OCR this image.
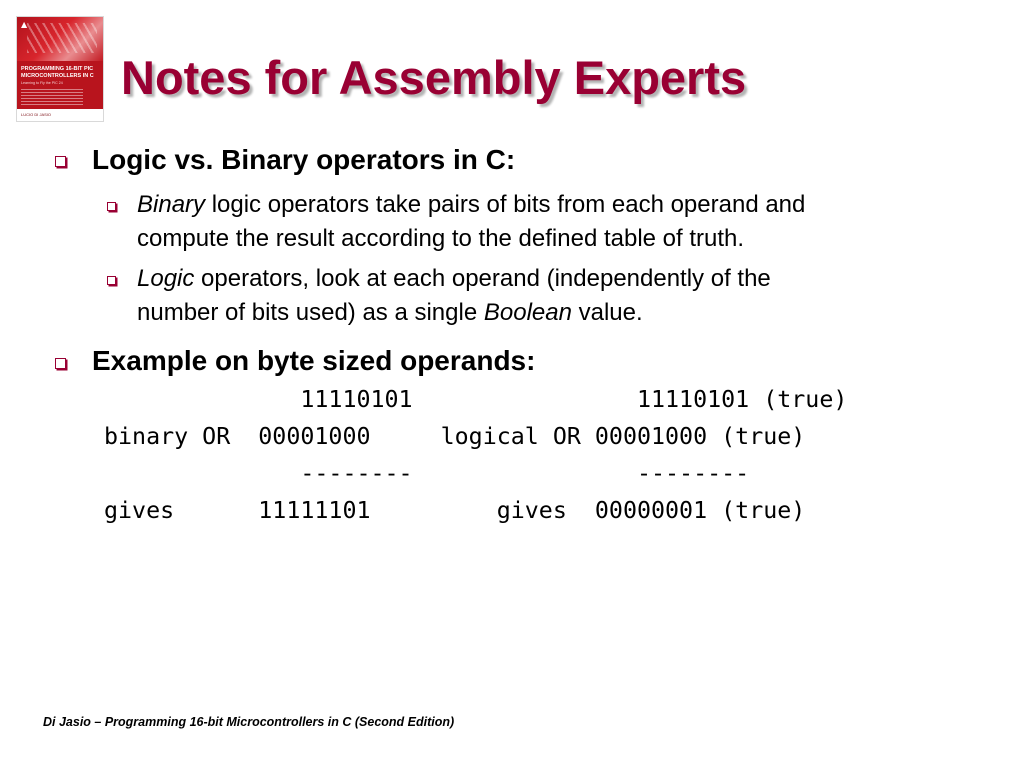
▲
PROGRAMMING 16-BIT PIC
MICROCONTROLLERS IN C
Learning to Fly the PIC 24
LUCIO DI JASIO
Notes for Assembly Experts
Logic vs. Binary operators in C:
Binary logic operators take pairs of bits from each operand and
compute the result according to the defined table of truth.
Logic operators, look at each operand (independently of the
number of bits used) as a single Boolean value.
Example on byte sized operands:
11110101                11110101 (true)
binary OR  00001000     logical OR 00001000 (true)
--------                --------
gives      11111101         gives  00000001 (true)
Di Jasio – Programming 16-bit Microcontrollers in C (Second Edition)
